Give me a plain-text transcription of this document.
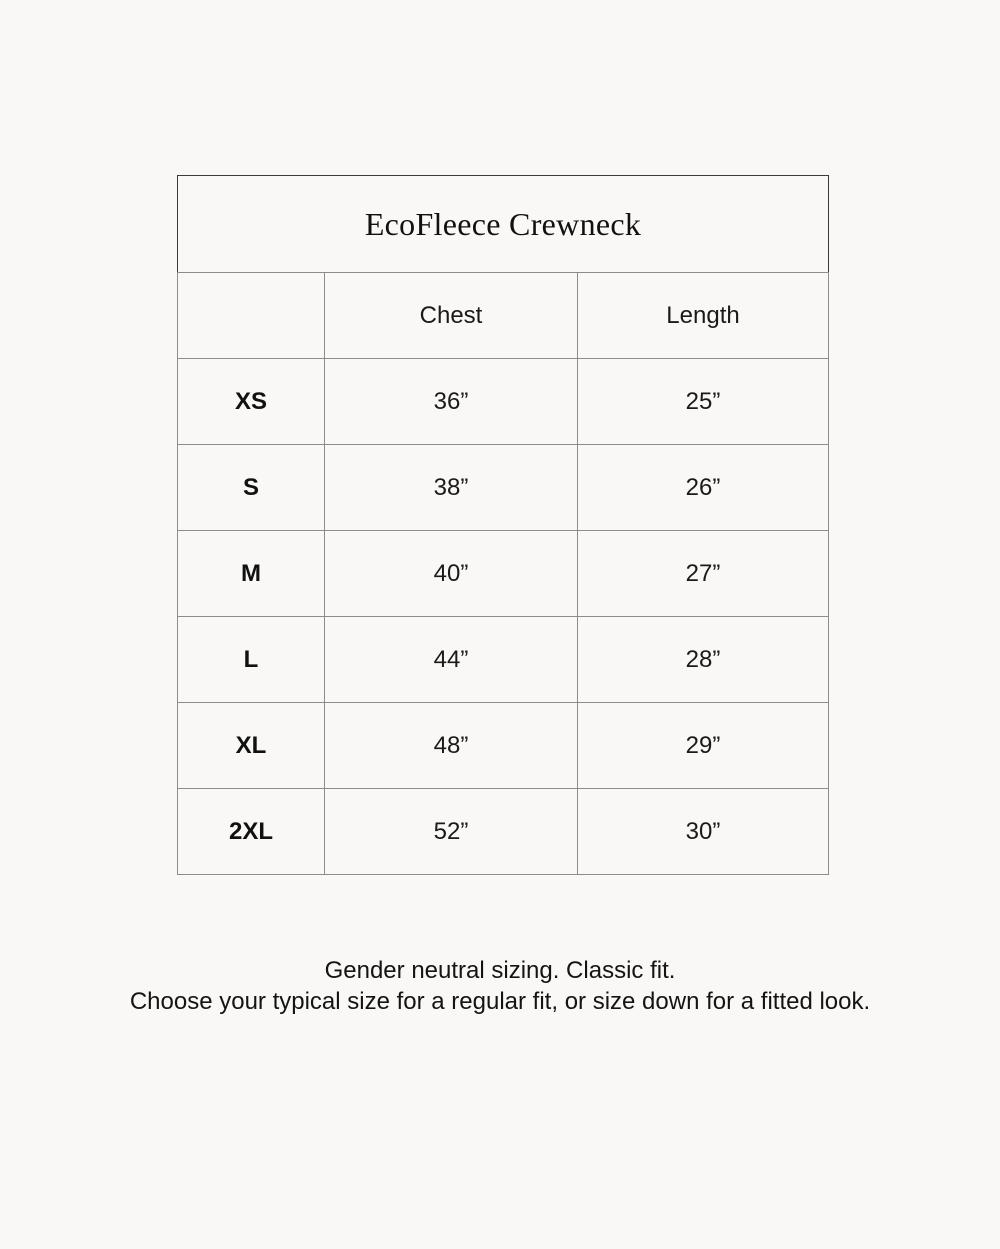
EcoFleece Crewneck		
	Chest	Length
XS	36”	25”
S	38”	26”
M	40”	27”
L	44”	28”
XL	48”	29”
2XL	52”	30”
Gender neutral sizing. Classic fit.
Choose your typical size for a regular fit, or size down for a fitted look.
